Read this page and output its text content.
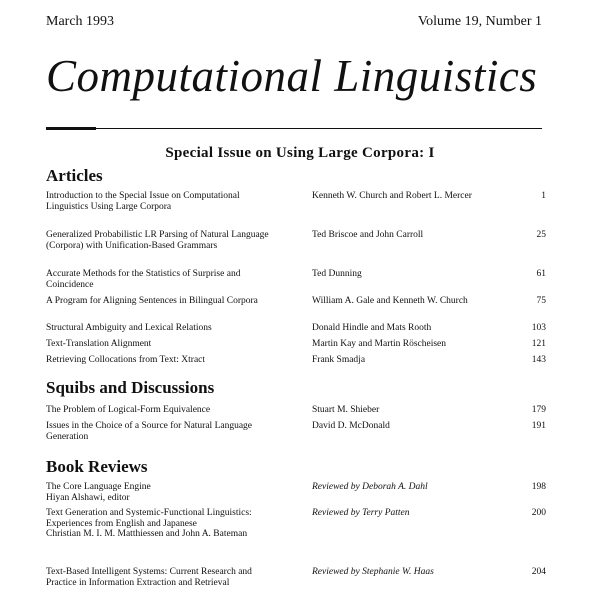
March 1993	Volume 19, Number 1
Computational Linguistics
Special Issue on Using Large Corpora: I
Articles
Introduction to the Special Issue on Computational Linguistics Using Large Corpora
Kenneth W. Church and Robert L. Mercer	1
Generalized Probabilistic LR Parsing of Natural Language (Corpora) with Unification-Based Grammars
Ted Briscoe and John Carroll	25
Accurate Methods for the Statistics of Surprise and Coincidence
Ted Dunning	61
A Program for Aligning Sentences in Bilingual Corpora	William A. Gale and Kenneth W. Church	75
Structural Ambiguity and Lexical Relations	Donald Hindle and Mats Rooth	103
Text-Translation Alignment	Martin Kay and Martin Röscheisen	121
Retrieving Collocations from Text: Xtract	Frank Smadja	143
Squibs and Discussions
The Problem of Logical-Form Equivalence	Stuart M. Shieber	179
Issues in the Choice of a Source for Natural Language Generation
David D. McDonald	191
Book Reviews
The Core Language Engine
Hiyan Alshawi, editor
Reviewed by Deborah A. Dahl	198
Text Generation and Systemic-Functional Linguistics: Experiences from English and Japanese
Christian M. I. M. Matthiessen and John A. Bateman
Reviewed by Terry Patten	200
Text-Based Intelligent Systems: Current Research and Practice in Information Extraction and Retrieval
Reviewed by Stephanie W. Haas	204
